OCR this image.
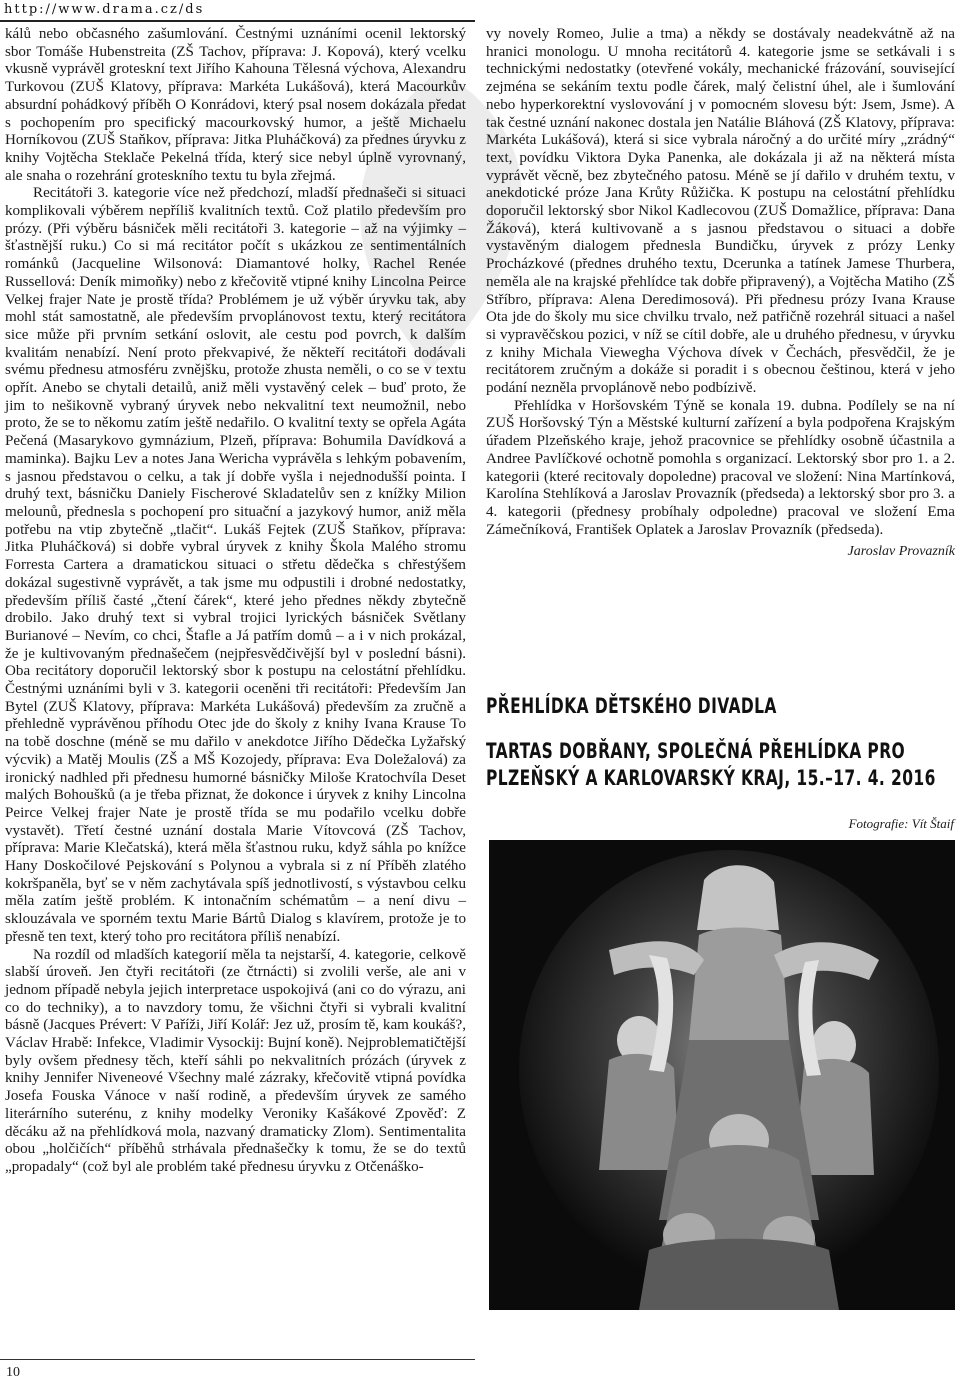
http://www.drama.cz/ds

kálů nebo občasného zašumlování. Čestnými uznáními ocenil lektorský sbor Tomáše Hubenstreita (ZŠ Tachov, příprava: J. Kopová), který vcelku vkusně vyprávěl groteskní text Jiřího Kahouna Tělesná výchova, Alexandru Turkovou (ZUŠ Klatovy, příprava: Markéta Lukášová), která Macourkův absurdní pohádkový příběh O Konrádovi, který psal nosem dokázala předat s pochopením pro specifický macourkovský humor, a ještě Michaelu Horníkovou (ZUŠ Staňkov, příprava: Jitka Pluháčková) za přednes úryvku z knihy Vojtěcha Steklače Pekelná třída, který sice nebyl úplně vyrovnaný, ale snaha o rozehrání groteskního textu tu byla zřejmá.

Recitátoři 3. kategorie více než předchozí, mladší přednašeči si situaci komplikovali výběrem nepříliš kvalitních textů. Což platilo především pro prózy. (Při výběru básniček měli recitátoři 3. kategorie – až na výjimky – šťastnější ruku.) Co si má recitátor počít s ukázkou ze sentimentálních románků (Jacqueline Wilsonová: Diamantové holky, Rachel Renée Russellová: Deník mimoňky) nebo z křečovitě vtipné knihy Lincolna Peirce Velkej frajer Nate je prostě třída? Problémem je už výběr úryvku tak, aby mohl stát samostatně, ale především prvoplánovost textu, který recitátora sice může při prvním setkání oslovit, ale cestu pod povrch, k dalším kvalitám nenabízí. Není proto překvapivé, že někteří recitátoři dodávali svému přednesu atmosféru zvnějšku, protože zhusta neměli, o co se v textu opřít. Anebo se chytali detailů, aniž měli vystavěný celek – buď proto, že jim to nešikovně vybraný úryvek nebo nekvalitní text neumožnil, nebo proto, že se to někomu zatím ještě nedařilo. O kvalitní texty se opřela Agáta Pečená (Masarykovo gymnázium, Plzeň, příprava: Bohumila Davídková a maminka). Bajku Lev a notes Jana Wericha vyprávěla s lehkým pobavením, s jasnou představou o celku, a tak jí dobře vyšla i nejednodušší pointa. I druhý text, básničku Daniely Fischerové Skladatelův sen z knížky Milion melounů, přednesla s pochopení pro situační a jazykový humor, aniž měla potřebu na vtip zbytečně „tlačit“. Lukáš Fejtek (ZUŠ Staňkov, příprava: Jitka Pluháčková) si dobře vybral úryvek z knihy Škola Malého stromu Forresta Cartera a dramatickou situaci o střetu dědečka s chřestýšem dokázal sugestivně vyprávět, a tak jsme mu odpustili i drobné nedostatky, především příliš časté „čtení čárek“, které jeho přednes někdy zbytečně drobilo. Jako druhý text si vybral trojici lyrických básniček Světlany Burianové – Nevím, co chci, Štafle a Já patřím domů – a i v nich prokázal, že je kultivovaným přednašečem (nejpřesvědčivější byl v poslední básni). Oba recitátory doporučil lektorský sbor k postupu na celostátní přehlídku. Čestnými uznáními byli v 3. kategorii oceněni tři recitátoři: Především Jan Bytel (ZUŠ Klatovy, příprava: Markéta Lukášová) především za zručně a přehledně vyprávěnou příhodu Otec jde do školy z knihy Ivana Krause To na tobě doschne (méně se mu dařilo v anekdotce Jiřího Dědečka Lyžařský výcvik) a Matěj Moulis (ZŠ a MŠ Kozojedy, příprava: Eva Doležalová) za ironický nadhled při přednesu humorné básničky Miloše Kratochvíla Deset malých Bohoušků (a je třeba přiznat, že dokonce i úryvek z knihy Lincolna Peirce Velkej frajer Nate je prostě třída se mu podařilo vcelku dobře vystavět). Třetí čestné uznání dostala Marie Vítovcová (ZŠ Tachov, příprava: Marie Klečatská), která měla šťastnou ruku, když sáhla po knížce Hany Doskočilové Pejskování s Polynou a vybrala si z ní Příběh zlatého kokršpaněla, byť se v něm zachytávala spíš jednotlivostí, s výstavbou celku měla zatím ještě problém. K intonačním schématům – a není divu – sklouzávala ve sporném textu Marie Bártů Dialog s klavírem, protože je to přesně ten text, který toho pro recitátora příliš nenabízí.

Na rozdíl od mladších kategorií měla ta nejstarší, 4. kategorie, celkově slabší úroveň. Jen čtyři recitátoři (ze čtrnácti) si zvolili verše, ale ani v jednom případě nebyla jejich interpretace uspokojivá (ani co do výrazu, ani co do techniky), a to navzdory tomu, že všichni čtyři si vybrali kvalitní básně (Jacques Prévert: V Paříži, Jiří Kolář: Jez už, prosím tě, kam koukáš?, Václav Hrabě: Infekce, Vladimir Vysockij: Bujní koně). Nejproblematičtější byly ovšem přednesy těch, kteří sáhli po nekvalitních prózách (úryvek z knihy Jennifer Niveneové Všechny malé zázraky, křečovitě vtipná povídka Josefa Fouska Vánoce v naší rodině, a především úryvek ze samého literárního suterénu, z knihy modelky Veroniky Kašákové Zpověď: Z děcáku až na přehlídková mola, nazvaný dramaticky Zlom). Sentimentalita obou „holčičích“ příběhů strhávala přednašečky k tomu, že se do textů „propadaly“ (což byl ale problém také přednesu úryvku z Otčenáško-

vy novely Romeo, Julie a tma) a někdy se dostávaly neadekvátně až na hranici monologu. U mnoha recitátorů 4. kategorie jsme se setkávali i s technickými nedostatky (otevřené vokály, mechanické frázování, související zejména se sekáním textu podle čárek, malý čelistní úhel, ale i šumlování nebo hyperkorektní vyslovování j v pomocném slovesu být: Jsem, Jsme). A tak čestné uznání nakonec dostala jen Natálie Bláhová (ZŠ Klatovy, příprava: Markéta Lukášová), která si sice vybrala náročný a do určité míry „zrádný“ text, povídku Viktora Dyka Panenka, ale dokázala ji až na některá místa vyprávět věcně, bez zbytečného patosu. Méně se jí dařilo v druhém textu, v anekdotické próze Jana Krůty Růžička. K postupu na celostátní přehlídku doporučil lektorský sbor Nikol Kadlecovou (ZUŠ Domažlice, příprava: Dana Žáková), která kultivovaně a s jasnou představou o situaci a dobře vystavěným dialogem přednesla Bundičku, úryvek z prózy Lenky Procházkové (přednes druhého textu, Dcerunka a tatínek Jamese Thurbera, neměla ale na krajské přehlídce tak dobře připravený), a Vojtěcha Matiho (ZŠ Stříbro, příprava: Alena Deredimosová). Při přednesu prózy Ivana Krause Ota jde do školy mu sice chvilku trvalo, než patřičně rozehrál situaci a našel si vypravěčskou pozici, v níž se cítil dobře, ale u druhého přednesu, v úryvku z knihy Michala Viewegha Výchova dívek v Čechách, přesvědčil, že je recitátorem zručným a dokáže si poradit i s obecnou češtinou, která v jeho podání nezněla prvoplánově nebo podbízivě.

Přehlídka v Horšovském Týně se konala 19. dubna. Podílely se na ní ZUŠ Horšovský Týn a Městské kulturní zařízení a byla podpořena Krajským úřadem Plzeňského kraje, jehož pracovnice se přehlídky osobně účastnila a Andree Pavlíčkové ochotně pomohla s organizací. Lektorský sbor pro 1. a 2. kategorii (které recitovaly dopoledne) pracoval ve složení: Nina Martínková, Karolína Stehlíková a Jaroslav Provazník (předseda) a lektorský sbor pro 3. a 4. kategorii (přednesy probíhaly odpoledne) pracoval ve složení Ema Zámečníková, František Oplatek a Jaroslav Provazník (předseda).

Jaroslav Provazník

PŘEHLÍDKA DĚTSKÉHO DIVADLA
TARTAS DOBŘANY, SPOLEČNÁ PŘEHLÍDKA PRO PLZEŇSKÝ A KARLOVARSKÝ KRAJ, 15.–17. 4. 2016
Fotografie: Vít Štaif
10
